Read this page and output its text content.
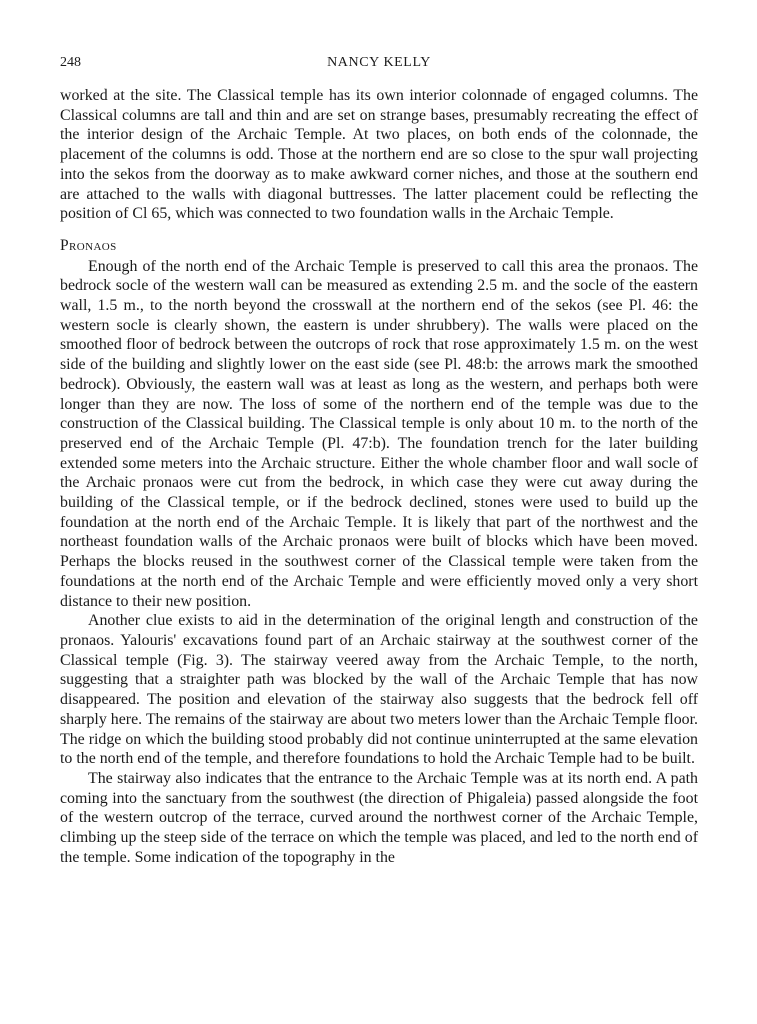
248	NANCY KELLY

worked at the site. The Classical temple has its own interior colonnade of engaged columns. The Classical columns are tall and thin and are set on strange bases, presumably recreating the effect of the interior design of the Archaic Temple. At two places, on both ends of the colonnade, the placement of the columns is odd. Those at the northern end are so close to the spur wall projecting into the sekos from the doorway as to make awkward corner niches, and those at the southern end are attached to the walls with diagonal buttresses. The latter placement could be reflecting the position of Cl 65, which was connected to two foundation walls in the Archaic Temple.

Pronaos

Enough of the north end of the Archaic Temple is preserved to call this area the pronaos. The bedrock socle of the western wall can be measured as extending 2.5 m. and the socle of the eastern wall, 1.5 m., to the north beyond the crosswall at the northern end of the sekos (see Pl. 46: the western socle is clearly shown, the eastern is under shrubbery). The walls were placed on the smoothed floor of bedrock between the outcrops of rock that rose approximately 1.5 m. on the west side of the building and slightly lower on the east side (see Pl. 48:b: the arrows mark the smoothed bedrock). Obviously, the eastern wall was at least as long as the western, and perhaps both were longer than they are now. The loss of some of the northern end of the temple was due to the construction of the Classical building. The Classical temple is only about 10 m. to the north of the preserved end of the Archaic Temple (Pl. 47:b). The foundation trench for the later building extended some meters into the Archaic structure. Either the whole chamber floor and wall socle of the Archaic pronaos were cut from the bedrock, in which case they were cut away during the building of the Classical temple, or if the bedrock declined, stones were used to build up the foundation at the north end of the Archaic Temple. It is likely that part of the northwest and the northeast foundation walls of the Archaic pronaos were built of blocks which have been moved. Perhaps the blocks reused in the southwest corner of the Classical temple were taken from the foundations at the north end of the Archaic Temple and were efficiently moved only a very short distance to their new position.

Another clue exists to aid in the determination of the original length and construction of the pronaos. Yalouris' excavations found part of an Archaic stairway at the southwest corner of the Classical temple (Fig. 3). The stairway veered away from the Archaic Temple, to the north, suggesting that a straighter path was blocked by the wall of the Archaic Temple that has now disappeared. The position and elevation of the stairway also suggests that the bedrock fell off sharply here. The remains of the stairway are about two meters lower than the Archaic Temple floor. The ridge on which the building stood probably did not continue uninterrupted at the same elevation to the north end of the temple, and therefore foundations to hold the Archaic Temple had to be built.

The stairway also indicates that the entrance to the Archaic Temple was at its north end. A path coming into the sanctuary from the southwest (the direction of Phigaleia) passed alongside the foot of the western outcrop of the terrace, curved around the northwest corner of the Archaic Temple, climbing up the steep side of the terrace on which the temple was placed, and led to the north end of the temple. Some indication of the topography in the
